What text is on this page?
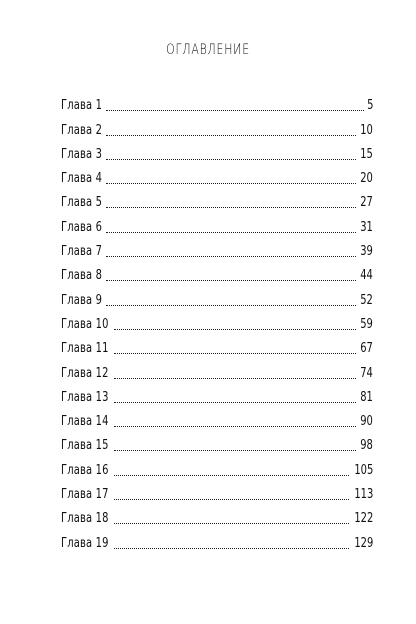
ОГЛАВЛЕНИЕ
Глава 1	5
Глава 2	10
Глава 3	15
Глава 4	20
Глава 5	27
Глава 6	31
Глава 7	39
Глава 8	44
Глава 9	52
Глава 10	59
Глава 11	67
Глава 12	74
Глава 13	81
Глава 14	90
Глава 15	98
Глава 16	105
Глава 17	113
Глава 18	122
Глава 19	129
